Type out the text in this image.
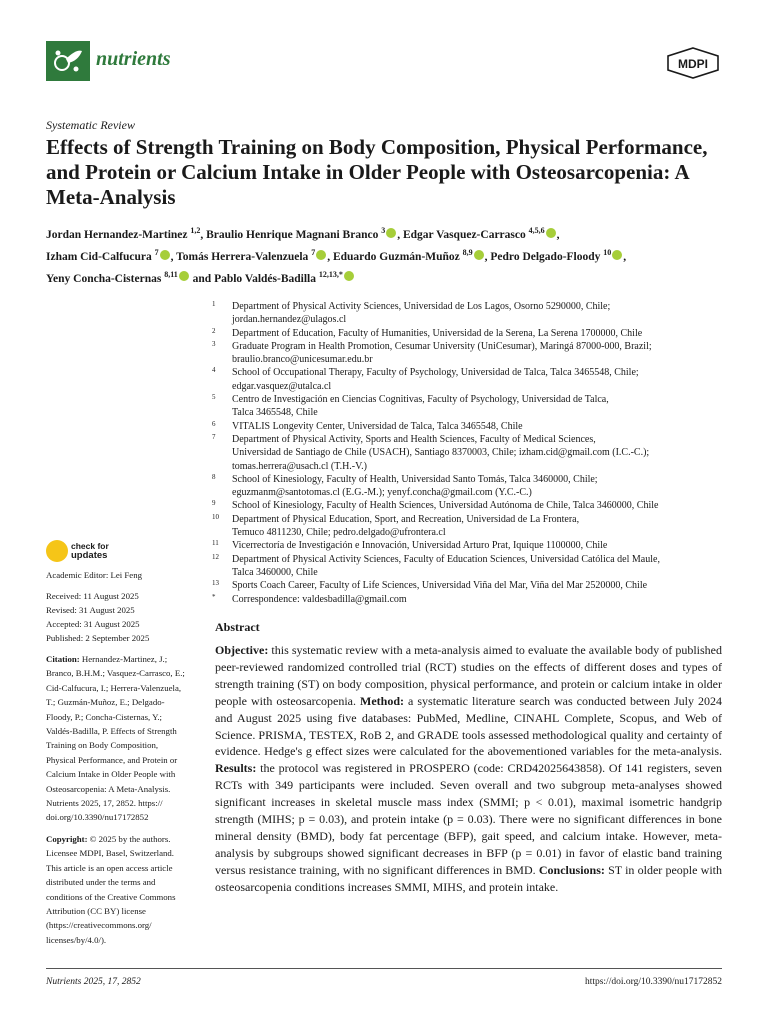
nutrients	MDPI
Systematic Review
Effects of Strength Training on Body Composition, Physical Performance, and Protein or Calcium Intake in Older People with Osteosarcopenia: A Meta-Analysis
Jordan Hernandez-Martinez $^{1,2}$, Braulio Henrique Magnani Branco $^3$ , Edgar Vasquez-Carrasco $^{4,5,6}$ ,
Izham Cid-Calfucura $^7$ , Tomás Herrera-Valenzuela $^7$ , Eduardo Guzmán-Muñoz $^{8,9}$ , Pedro Delgado-Floody $^{10}$ ,
Yeny Concha-Cisternas $^{8,11}$ and Pablo Valdés-Badilla $^{12,13,*}$
1 Department of Physical Activity Sciences, Universidad de Los Lagos, Osorno 5290000, Chile;
jordan.hernandez@ulagos.cl
2 Department of Education, Faculty of Humanities, Universidad de la Serena, La Serena 1700000, Chile
3 Graduate Program in Health Promotion, Cesumar University (UniCesumar), Maringá 87000-000, Brazil;
braulio.branco@unicesumar.edu.br
4 School of Occupational Therapy, Faculty of Psychology, Universidad de Talca, Talca 3465548, Chile;
edgar.vasquez@utalca.cl
5 Centro de Investigación en Ciencias Cognitivas, Faculty of Psychology, Universidad de Talca,
Talca 3465548, Chile
6 VITALIS Longevity Center, Universidad de Talca, Talca 3465548, Chile
7 Department of Physical Activity, Sports and Health Sciences, Faculty of Medical Sciences,
Universidad de Santiago de Chile (USACH), Santiago 8370003, Chile; izham.cid@gmail.com (I.C.-C.);
tomas.herrera@usach.cl (T.H.-V.)
8 School of Kinesiology, Faculty of Health, Universidad Santo Tomás, Talca 3460000, Chile;
eguzmanm@santotomas.cl (E.G.-M.); yenyf.concha@gmail.com (Y.C.-C.)
9 School of Kinesiology, Faculty of Health Sciences, Universidad Autónoma de Chile, Talca 3460000, Chile
10 Department of Physical Education, Sport, and Recreation, Universidad de La Frontera,
Temuco 4811230, Chile; pedro.delgado@ufrontera.cl
11 Vicerrectoría de Investigación e Innovación, Universidad Arturo Prat, Iquique 1100000, Chile
12 Department of Physical Activity Sciences, Faculty of Education Sciences, Universidad Católica del Maule,
Talca 3460000, Chile
13 Sports Coach Career, Faculty of Life Sciences, Universidad Viña del Mar, Viña del Mar 2520000, Chile
* Correspondence: valdesbadilla@gmail.com
check for
updates
Academic Editor: Lei Feng
Received: 11 August 2025
Revised: 31 August 2025
Accepted: 31 August 2025
Published: 2 September 2025
Citation: Hernandez-Martinez, J.;
Branco, B.H.M.; Vasquez-Carrasco, E.;
Cid-Calfucura, I.; Herrera-Valenzuela,
T.; Guzmán-Muñoz, E.; Delgado-
Floody, P.; Concha-Cisternas, Y.;
Valdés-Badilla, P. Effects of Strength
Training on Body Composition,
Physical Performance, and Protein or
Calcium Intake in Older People with
Osteosarcopenia: A Meta-Analysis.
Nutrients 2025, 17, 2852. https://
doi.org/10.3390/nu17172852
Copyright: © 2025 by the authors.
Licensee MDPI, Basel, Switzerland.
This article is an open access article
distributed under the terms and
conditions of the Creative Commons
Attribution (CC BY) license
(https://creativecommons.org/
licenses/by/4.0/).
Abstract
Objective: this systematic review with a meta-analysis aimed to evaluate the available body of published peer-reviewed randomized controlled trial (RCT) studies on the effects of different doses and types of strength training (ST) on body composition, physical performance, and protein or calcium intake in older people with osteosarcopenia. Method: a systematic literature search was conducted between July 2024 and August 2025 using five databases: PubMed, Medline, CINAHL Complete, Scopus, and Web of Science. PRISMA, TESTEX, RoB 2, and GRADE tools assessed methodological quality and certainty of evidence. Hedge's g effect sizes were calculated for the abovementioned variables for the meta-analysis. Results: the protocol was registered in PROSPERO (code: CRD42025643858). Of 141 registers, seven RCTs with 349 participants were included. Seven overall and two subgroup meta-analyses showed significant increases in skeletal muscle mass index (SMMI; p < 0.01), maximal isometric handgrip strength (MIHS; p = 0.03), and protein intake (p = 0.03). There were no significant differences in bone mineral density (BMD), body fat percentage (BFP), gait speed, and calcium intake. However, meta-analysis by subgroups showed significant decreases in BFP (p = 0.01) in favor of elastic band training versus resistance training, with no significant differences in BMD. Conclusions: ST in older people with osteosarcopenia conditions increases SMMI, MIHS, and protein intake.
Nutrients 2025, 17, 2852	https://doi.org/10.3390/nu17172852
